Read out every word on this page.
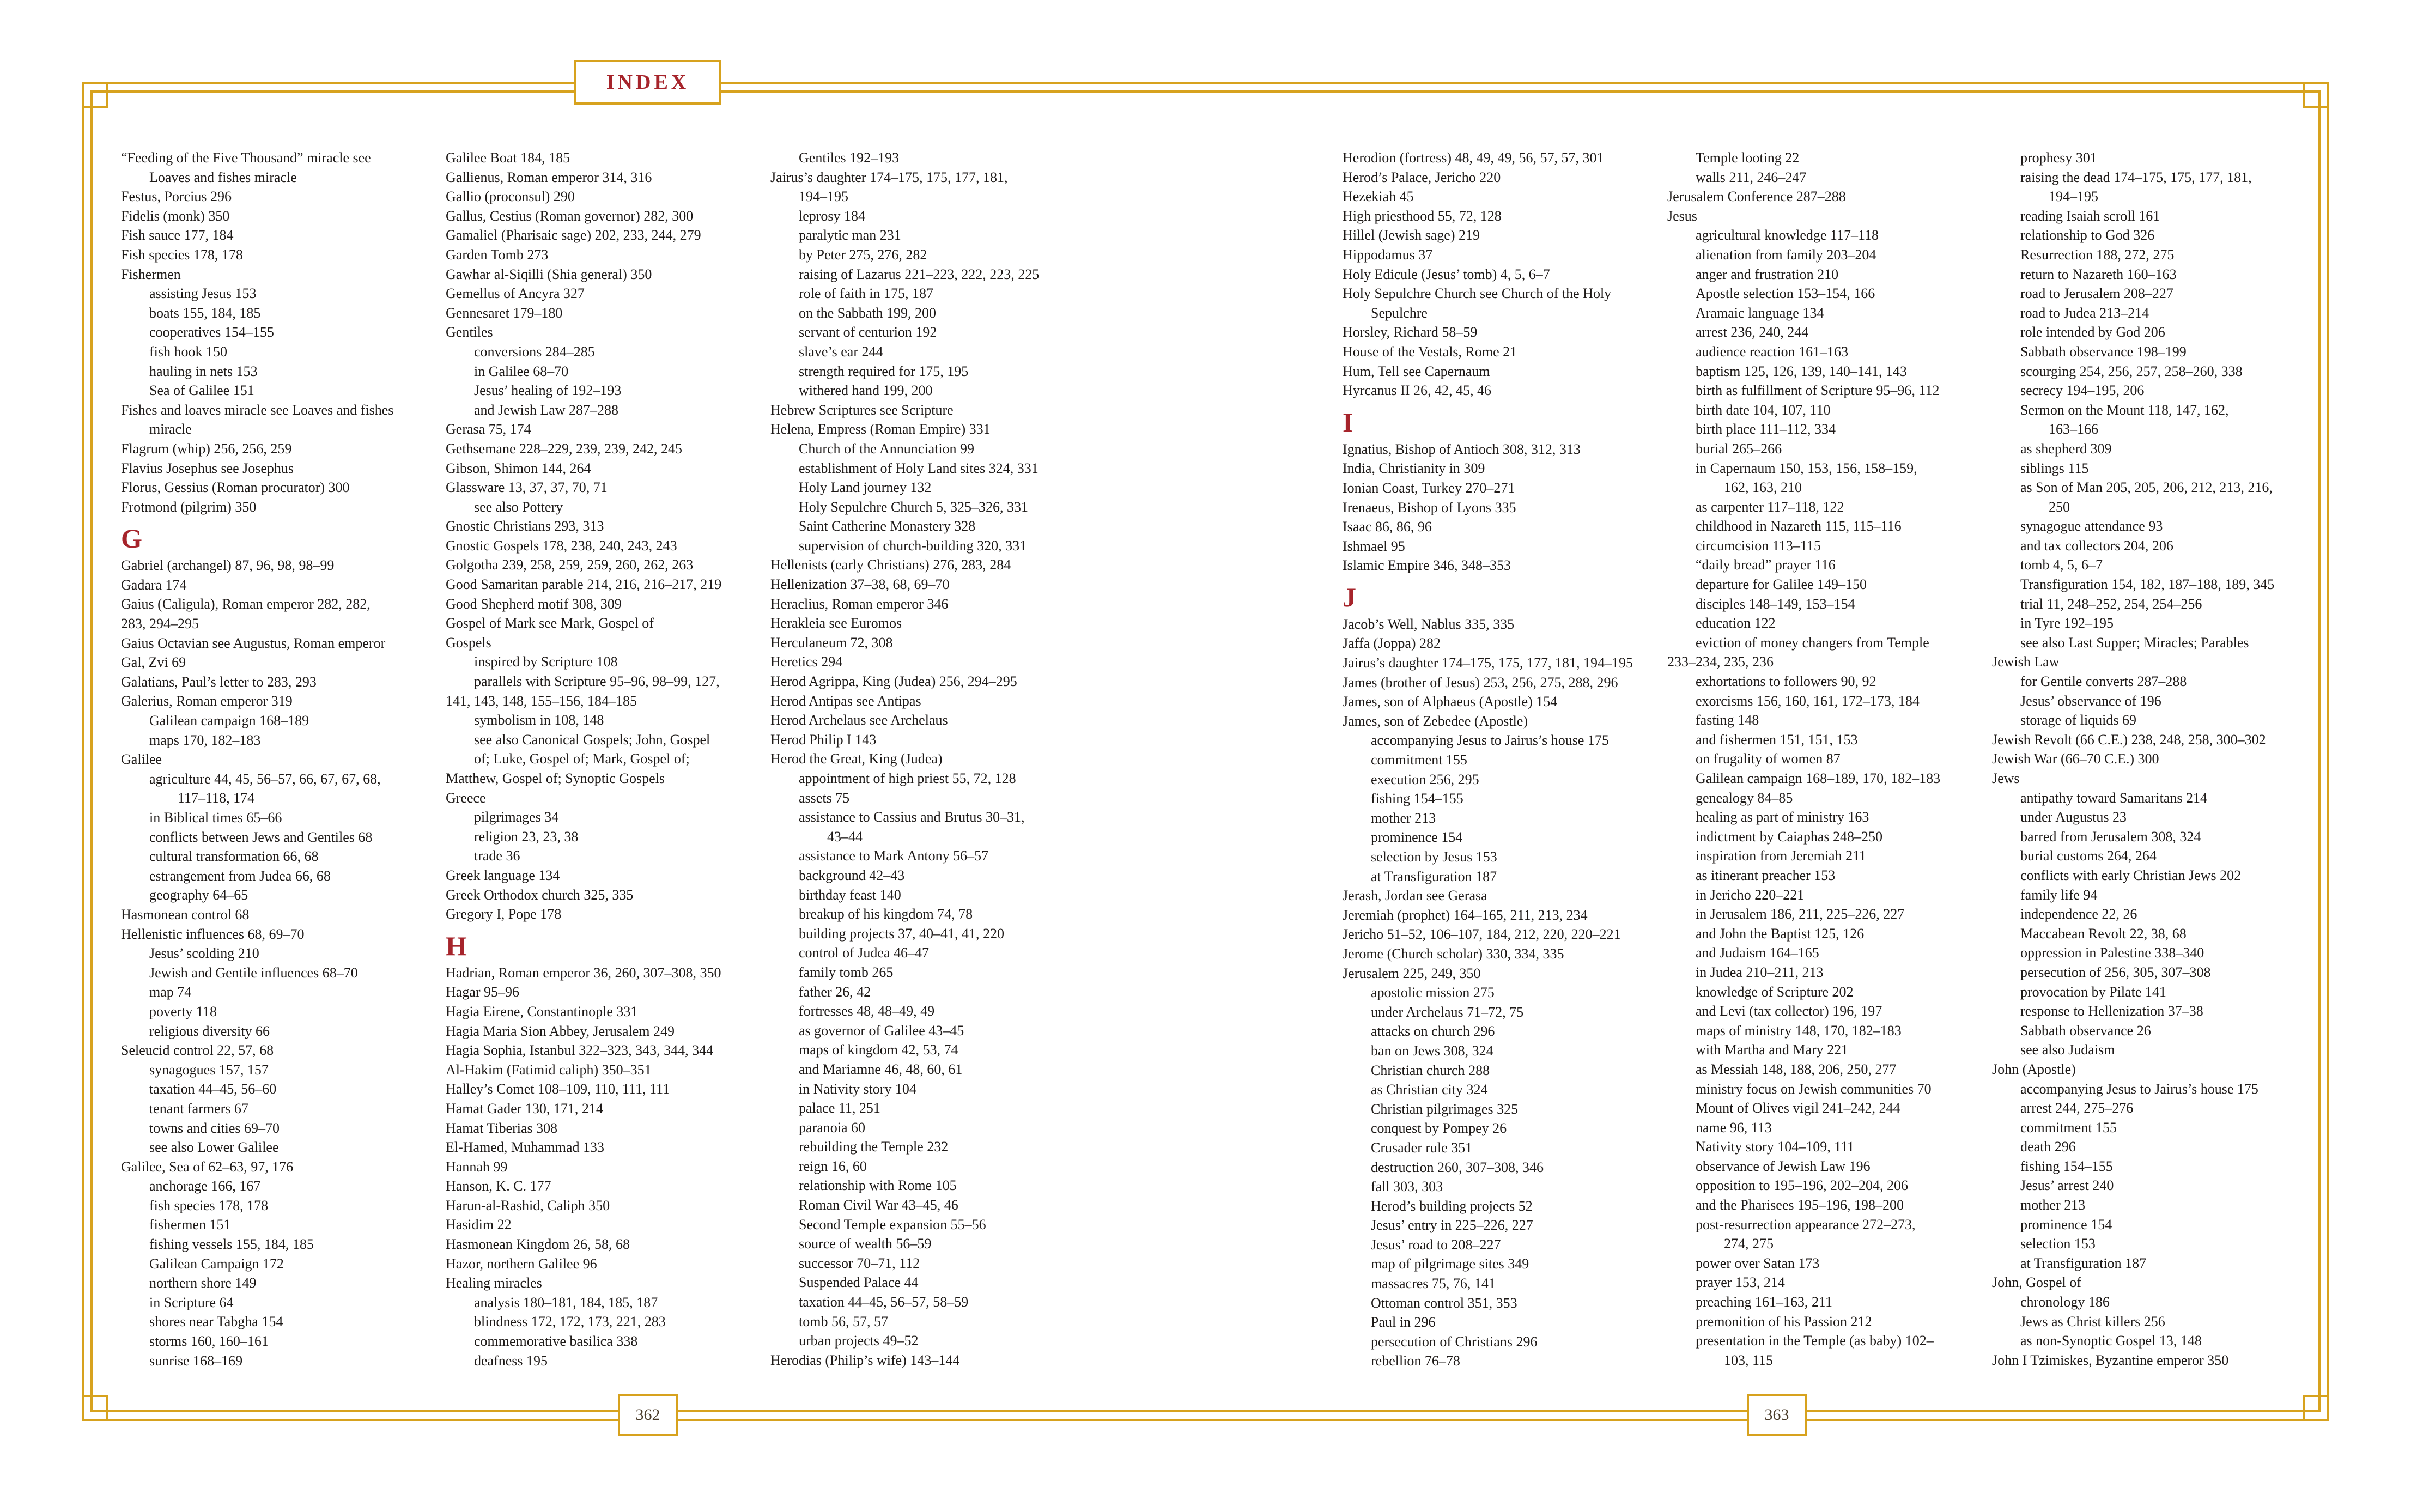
INDEX
362	363
“Feeding of the Five Thousand” miracle see
Loaves and fishes miracle
Festus, Porcius 296
Fidelis (monk) 350
Fish sauce 177, 184
Fish species 178, 178
Fishermen
assisting Jesus 153
boats 155, 184, 185
cooperatives 154–155
fish hook 150
hauling in nets 153
Sea of Galilee 151
Fishes and loaves miracle see Loaves and fishes
miracle
Flagrum (whip) 256, 256, 259
Flavius Josephus see Josephus
Florus, Gessius (Roman procurator) 300
Frotmond (pilgrim) 350
G
Gabriel (archangel) 87, 96, 98, 98–99
Gadara 174
Gaius (Caligula), Roman emperor 282, 282,
283, 294–295
Gaius Octavian see Augustus, Roman emperor
Gal, Zvi 69
Galatians, Paul’s letter to 283, 293
Galerius, Roman emperor 319
Galilean campaign 168–189
maps 170, 182–183
Galilee
agriculture 44, 45, 56–57, 66, 67, 67, 68,
117–118, 174
in Biblical times 65–66
conflicts between Jews and Gentiles 68
cultural transformation 66, 68
estrangement from Judea 66, 68
geography 64–65
Hasmonean control 68
Hellenistic influences 68, 69–70
Jesus’ scolding 210
Jewish and Gentile influences 68–70
map 74
poverty 118
religious diversity 66
Seleucid control 22, 57, 68
synagogues 157, 157
taxation 44–45, 56–60
tenant farmers 67
towns and cities 69–70
see also Lower Galilee
Galilee, Sea of 62–63, 97, 176
anchorage 166, 167
fish species 178, 178
fishermen 151
fishing vessels 155, 184, 185
Galilean Campaign 172
northern shore 149
in Scripture 64
shores near Tabgha 154
storms 160, 160–161
sunrise 168–169
Galilee Boat 184, 185
Gallienus, Roman emperor 314, 316
Gallio (proconsul) 290
Gallus, Cestius (Roman governor) 282, 300
Gamaliel (Pharisaic sage) 202, 233, 244, 279
Garden Tomb 273
Gawhar al-Siqilli (Shia general) 350
Gemellus of Ancyra 327
Gennesaret 179–180
Gentiles
conversions 284–285
in Galilee 68–70
Jesus’ healing of 192–193
and Jewish Law 287–288
Gerasa 75, 174
Gethsemane 228–229, 239, 239, 242, 245
Gibson, Shimon 144, 264
Glassware 13, 37, 37, 70, 71
see also Pottery
Gnostic Christians 293, 313
Gnostic Gospels 178, 238, 240, 243, 243
Golgotha 239, 258, 259, 259, 260, 262, 263
Good Samaritan parable 214, 216, 216–217, 219
Good Shepherd motif 308, 309
Gospel of Mark see Mark, Gospel of
Gospels
inspired by Scripture 108
parallels with Scripture 95–96, 98–99, 127,
141, 143, 148, 155–156, 184–185
symbolism in 108, 148
see also Canonical Gospels; John, Gospel
of; Luke, Gospel of; Mark, Gospel of;
Matthew, Gospel of; Synoptic Gospels
Greece
pilgrimages 34
religion 23, 23, 38
trade 36
Greek language 134
Greek Orthodox church 325, 335
Gregory I, Pope 178
H
Hadrian, Roman emperor 36, 260, 307–308, 350
Hagar 95–96
Hagia Eirene, Constantinople 331
Hagia Maria Sion Abbey, Jerusalem 249
Hagia Sophia, Istanbul 322–323, 343, 344, 344
Al-Hakim (Fatimid caliph) 350–351
Halley’s Comet 108–109, 110, 111, 111
Hamat Gader 130, 171, 214
Hamat Tiberias 308
El-Hamed, Muhammad 133
Hannah 99
Hanson, K. C. 177
Harun-al-Rashid, Caliph 350
Hasidim 22
Hasmonean Kingdom 26, 58, 68
Hazor, northern Galilee 96
Healing miracles
analysis 180–181, 184, 185, 187
blindness 172, 172, 173, 221, 283
commemorative basilica 338
deafness 195
Gentiles 192–193
Jairus’s daughter 174–175, 175, 177, 181,
194–195
leprosy 184
paralytic man 231
by Peter 275, 276, 282
raising of Lazarus 221–223, 222, 223, 225
role of faith in 175, 187
on the Sabbath 199, 200
servant of centurion 192
slave’s ear 244
strength required for 175, 195
withered hand 199, 200
Hebrew Scriptures see Scripture
Helena, Empress (Roman Empire) 331
Church of the Annunciation 99
establishment of Holy Land sites 324, 331
Holy Land journey 132
Holy Sepulchre Church 5, 325–326, 331
Saint Catherine Monastery 328
supervision of church-building 320, 331
Hellenists (early Christians) 276, 283, 284
Hellenization 37–38, 68, 69–70
Heraclius, Roman emperor 346
Herakleia see Euromos
Herculaneum 72, 308
Heretics 294
Herod Agrippa, King (Judea) 256, 294–295
Herod Antipas see Antipas
Herod Archelaus see Archelaus
Herod Philip I 143
Herod the Great, King (Judea)
appointment of high priest 55, 72, 128
assets 75
assistance to Cassius and Brutus 30–31,
43–44
assistance to Mark Antony 56–57
background 42–43
birthday feast 140
breakup of his kingdom 74, 78
building projects 37, 40–41, 41, 220
control of Judea 46–47
family tomb 265
father 26, 42
fortresses 48, 48–49, 49
as governor of Galilee 43–45
maps of kingdom 42, 53, 74
and Mariamne 46, 48, 60, 61
in Nativity story 104
palace 11, 251
paranoia 60
rebuilding the Temple 232
reign 16, 60
relationship with Rome 105
Roman Civil War 43–45, 46
Second Temple expansion 55–56
source of wealth 56–59
successor 70–71, 112
Suspended Palace 44
taxation 44–45, 56–57, 58–59
tomb 56, 57, 57
urban projects 49–52
Herodias (Philip’s wife) 143–144
Herodion (fortress) 48, 49, 49, 56, 57, 57, 301
Herod’s Palace, Jericho 220
Hezekiah 45
High priesthood 55, 72, 128
Hillel (Jewish sage) 219
Hippodamus 37
Holy Edicule (Jesus’ tomb) 4, 5, 6–7
Holy Sepulchre Church see Church of the Holy
Sepulchre
Horsley, Richard 58–59
House of the Vestals, Rome 21
Hum, Tell see Capernaum
Hyrcanus II 26, 42, 45, 46
I
Ignatius, Bishop of Antioch 308, 312, 313
India, Christianity in 309
Ionian Coast, Turkey 270–271
Irenaeus, Bishop of Lyons 335
Isaac 86, 86, 96
Ishmael 95
Islamic Empire 346, 348–353
J
Jacob’s Well, Nablus 335, 335
Jaffa (Joppa) 282
Jairus’s daughter 174–175, 175, 177, 181, 194–195
James (brother of Jesus) 253, 256, 275, 288, 296
James, son of Alphaeus (Apostle) 154
James, son of Zebedee (Apostle)
accompanying Jesus to Jairus’s house 175
commitment 155
execution 256, 295
fishing 154–155
mother 213
prominence 154
selection by Jesus 153
at Transfiguration 187
Jerash, Jordan see Gerasa
Jeremiah (prophet) 164–165, 211, 213, 234
Jericho 51–52, 106–107, 184, 212, 220, 220–221
Jerome (Church scholar) 330, 334, 335
Jerusalem 225, 249, 350
apostolic mission 275
under Archelaus 71–72, 75
attacks on church 296
ban on Jews 308, 324
Christian church 288
as Christian city 324
Christian pilgrimages 325
conquest by Pompey 26
Crusader rule 351
destruction 260, 307–308, 346
fall 303, 303
Herod’s building projects 52
Jesus’ entry in 225–226, 227
Jesus’ road to 208–227
map of pilgrimage sites 349
massacres 75, 76, 141
Ottoman control 351, 353
Paul in 296
persecution of Christians 296
rebellion 76–78
Temple looting 22
walls 211, 246–247
Jerusalem Conference 287–288
Jesus
agricultural knowledge 117–118
alienation from family 203–204
anger and frustration 210
Apostle selection 153–154, 166
Aramaic language 134
arrest 236, 240, 244
audience reaction 161–163
baptism 125, 126, 139, 140–141, 143
birth as fulfillment of Scripture 95–96, 112
birth date 104, 107, 110
birth place 111–112, 334
burial 265–266
in Capernaum 150, 153, 156, 158–159,
162, 163, 210
as carpenter 117–118, 122
childhood in Nazareth 115, 115–116
circumcision 113–115
“daily bread” prayer 116
departure for Galilee 149–150
disciples 148–149, 153–154
education 122
eviction of money changers from Temple
233–234, 235, 236
exhortations to followers 90, 92
exorcisms 156, 160, 161, 172–173, 184
fasting 148
and fishermen 151, 151, 153
on frugality of women 87
Galilean campaign 168–189, 170, 182–183
genealogy 84–85
healing as part of ministry 163
indictment by Caiaphas 248–250
inspiration from Jeremiah 211
as itinerant preacher 153
in Jericho 220–221
in Jerusalem 186, 211, 225–226, 227
and John the Baptist 125, 126
and Judaism 164–165
in Judea 210–211, 213
knowledge of Scripture 202
and Levi (tax collector) 196, 197
maps of ministry 148, 170, 182–183
with Martha and Mary 221
as Messiah 148, 188, 206, 250, 277
ministry focus on Jewish communities 70
Mount of Olives vigil 241–242, 244
name 96, 113
Nativity story 104–109, 111
observance of Jewish Law 196
opposition to 195–196, 202–204, 206
and the Pharisees 195–196, 198–200
post-resurrection appearance 272–273,
274, 275
power over Satan 173
prayer 153, 214
preaching 161–163, 211
premonition of his Passion 212
presentation in the Temple (as baby) 102–
103, 115
prophesy 301
raising the dead 174–175, 175, 177, 181,
194–195
reading Isaiah scroll 161
relationship to God 326
Resurrection 188, 272, 275
return to Nazareth 160–163
road to Jerusalem 208–227
road to Judea 213–214
role intended by God 206
Sabbath observance 198–199
scourging 254, 256, 257, 258–260, 338
secrecy 194–195, 206
Sermon on the Mount 118, 147, 162,
163–166
as shepherd 309
siblings 115
as Son of Man 205, 205, 206, 212, 213, 216,
250
synagogue attendance 93
and tax collectors 204, 206
tomb 4, 5, 6–7
Transfiguration 154, 182, 187–188, 189, 345
trial 11, 248–252, 254, 254–256
in Tyre 192–195
see also Last Supper; Miracles; Parables
Jewish Law
for Gentile converts 287–288
Jesus’ observance of 196
storage of liquids 69
Jewish Revolt (66 C.E.) 238, 248, 258, 300–302
Jewish War (66–70 C.E.) 300
Jews
antipathy toward Samaritans 214
under Augustus 23
barred from Jerusalem 308, 324
burial customs 264, 264
conflicts with early Christian Jews 202
family life 94
independence 22, 26
Maccabean Revolt 22, 38, 68
oppression in Palestine 338–340
persecution of 256, 305, 307–308
provocation by Pilate 141
response to Hellenization 37–38
Sabbath observance 26
see also Judaism
John (Apostle)
accompanying Jesus to Jairus’s house 175
arrest 244, 275–276
commitment 155
death 296
fishing 154–155
Jesus’ arrest 240
mother 213
prominence 154
selection 153
at Transfiguration 187
John, Gospel of
chronology 186
Jews as Christ killers 256
as non-Synoptic Gospel 13, 148
John I Tzimiskes, Byzantine emperor 350
